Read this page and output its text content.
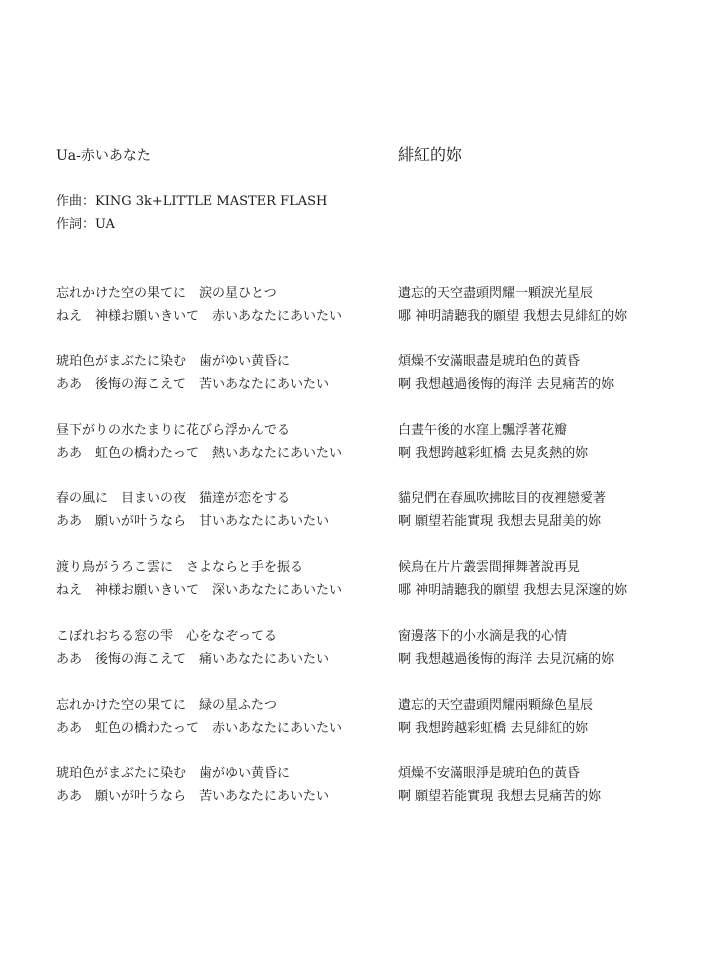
Ua-赤いあなた	緋紅的妳
作曲：KING 3k+LITTLE MASTER FLASH
作詞：UA
忘れかけた空の果てに　涙の星ひとつ
ねえ　神様お願いきいて　赤いあなたにあいたい
遺忘的天空盡頭閃耀一顆淚光星辰
哪 神明請聽我的願望 我想去見緋紅的妳
琥珀色がまぶたに染む　歯がゆい黄昏に
ああ　後悔の海こえて　苦いあなたにあいたい
煩燥不安滿眼盡是琥珀色的黃昏
啊 我想越過後悔的海洋 去見痛苦的妳
昼下がりの水たまりに花びら浮かんでる
ああ　虹色の橋わたって　熱いあなたにあいたい
白晝午後的水窪上飄浮著花瓣
啊 我想跨越彩虹橋 去見炙熱的妳
春の風に　目まいの夜　猫達が恋をする
ああ　願いが叶うなら　甘いあなたにあいたい
貓兒們在春風吹拂眩目的夜裡戀愛著
啊 願望若能實現 我想去見甜美的妳
渡り鳥がうろこ雲に　さよならと手を振る
ねえ　神様お願いきいて　深いあなたにあいたい
候鳥在片片叢雲間揮舞著說再見
哪 神明請聽我的願望 我想去見深邃的妳
こぼれおちる窓の雫　心をなぞってる
ああ　後悔の海こえて　痛いあなたにあいたい
窗邊落下的小水滴是我的心情
啊 我想越過後悔的海洋 去見沉痛的妳
忘れかけた空の果てに　緑の星ふたつ
ああ　虹色の橋わたって　赤いあなたにあいたい
遺忘的天空盡頭閃耀兩顆綠色星辰
啊 我想跨越彩虹橋 去見緋紅的妳
琥珀色がまぶたに染む　歯がゆい黄昏に
ああ　願いが叶うなら　苦いあなたにあいたい
煩燥不安滿眼淨是琥珀色的黃昏
啊 願望若能實現 我想去見痛苦的妳
